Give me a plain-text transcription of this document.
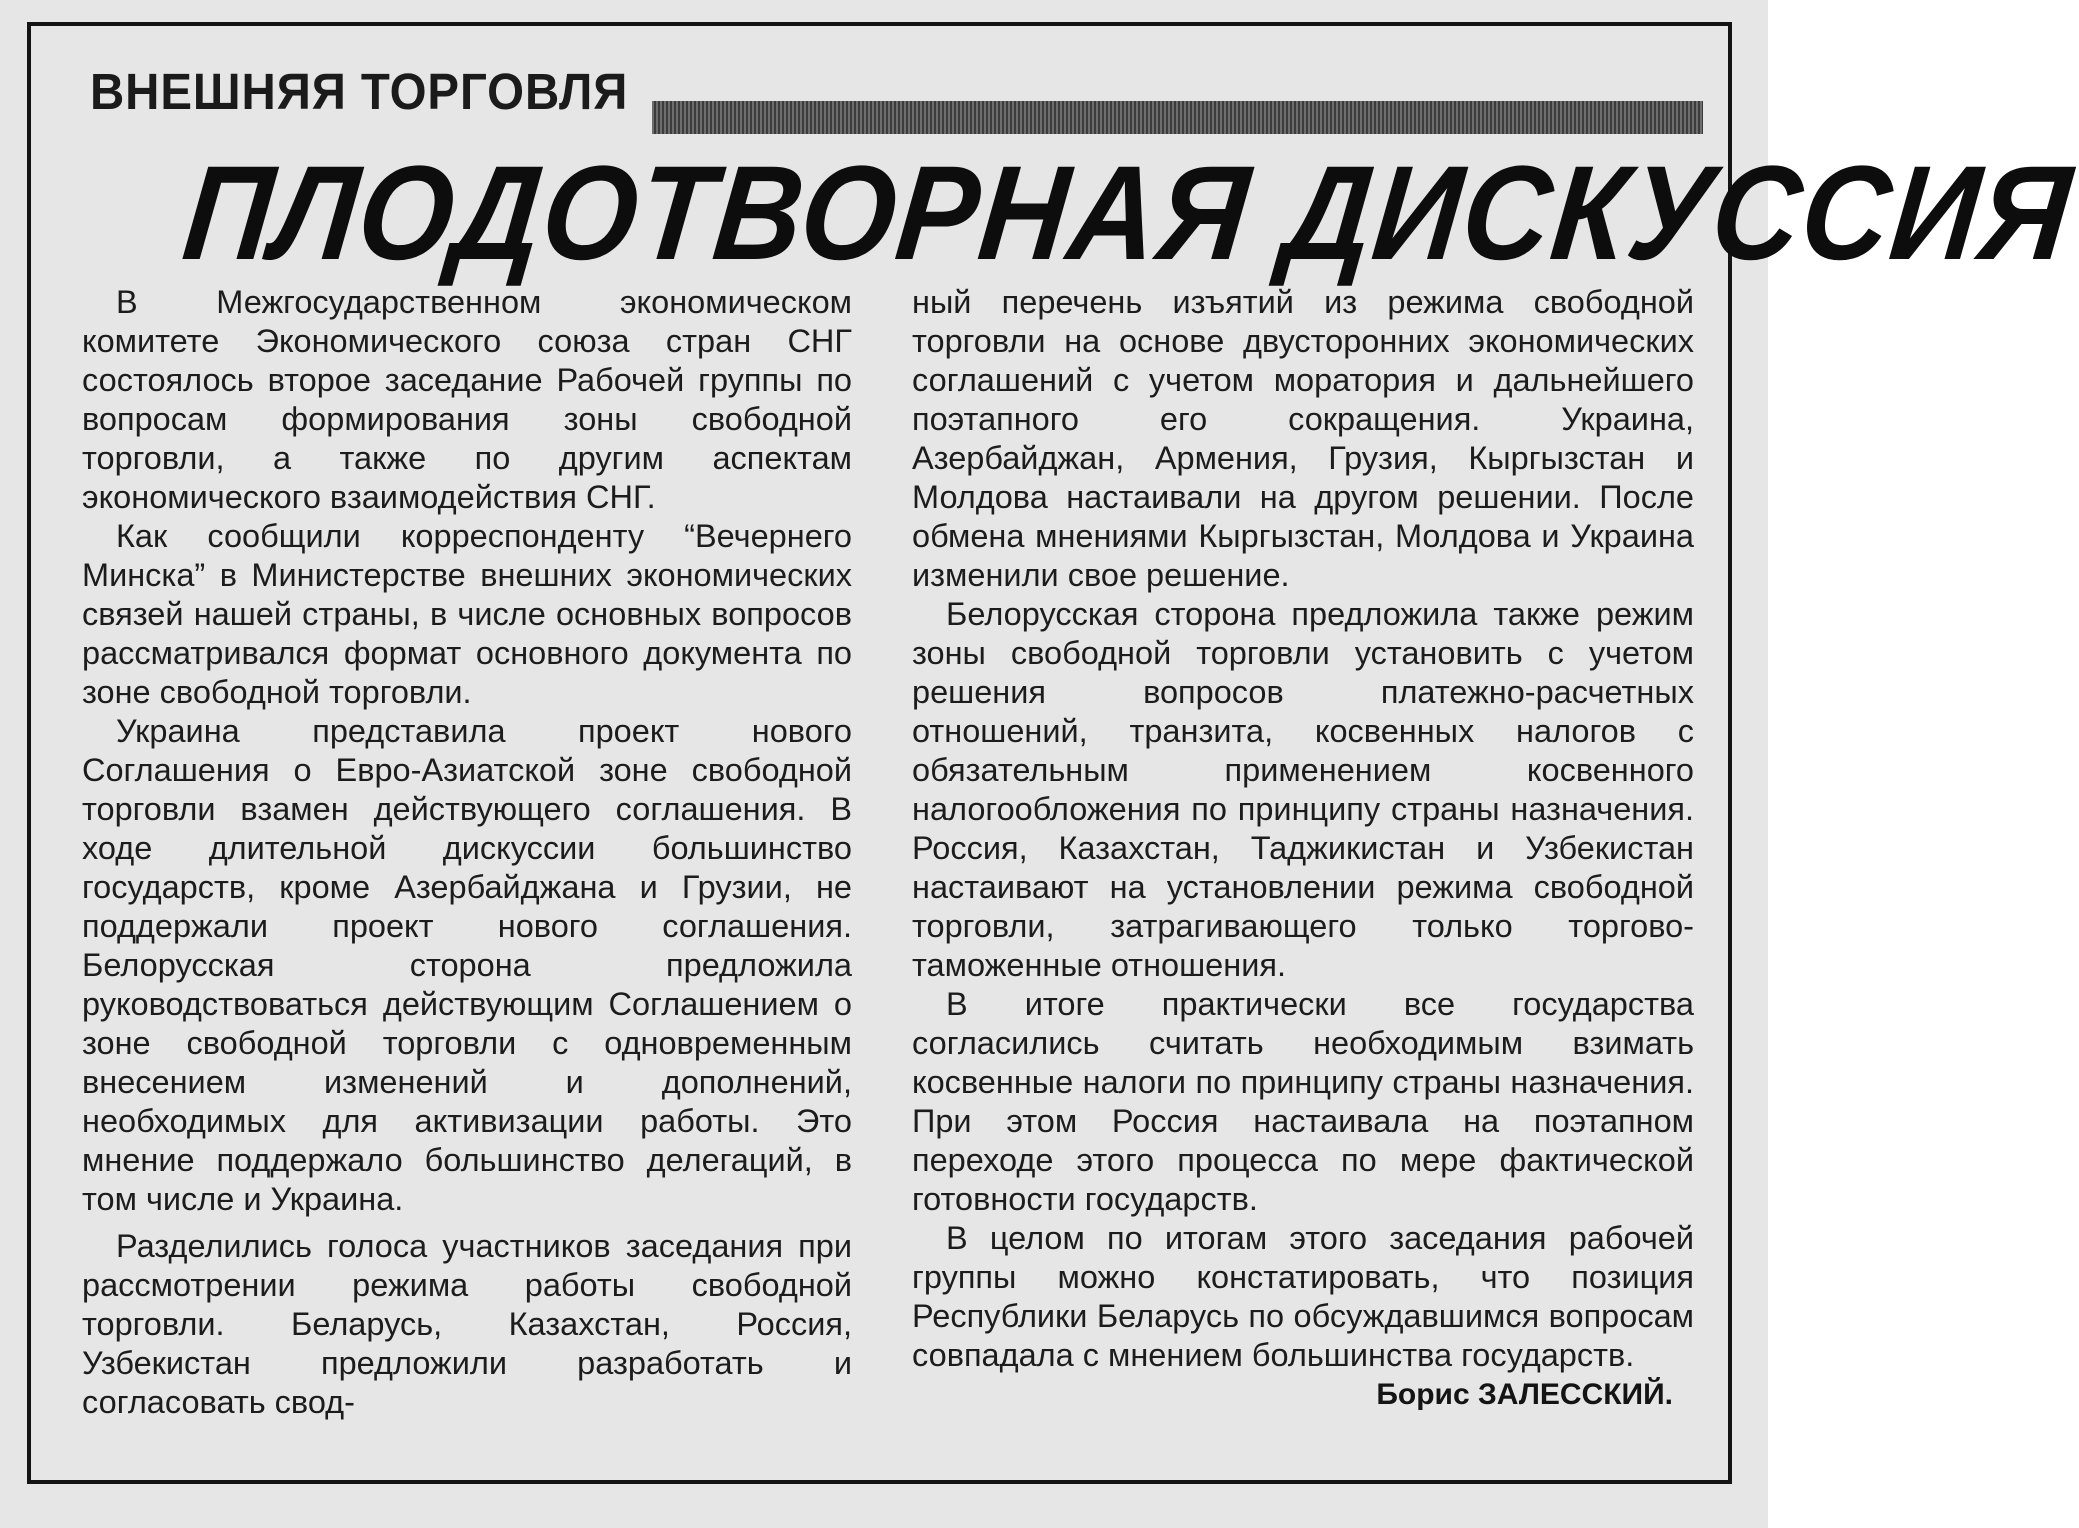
ВНЕШНЯЯ ТОРГОВЛЯ
ПЛОДОТВОРНАЯ ДИСКУССИЯ

В Межгосударственном экономическом комитете Экономического союза стран СНГ состоялось второе заседание Рабочей группы по вопросам формирования зоны свободной торговли, а также по другим аспектам экономического взаимодействия СНГ.

Как сообщили корреспонденту “Вечернего Минска” в Министерстве внешних экономических связей нашей страны, в числе основных вопросов рассматривался формат основного документа по зоне свободной торговли.

Украина представила проект нового Соглашения о Евро-Азиатской зоне свободной торговли взамен действующего соглашения. В ходе длительной дискуссии большинство государств, кроме Азербайджана и Грузии, не поддержали проект нового соглашения. Белорусская сторона предложила руководствоваться действующим Соглашением о зоне свободной торговли с одновременным внесением изменений и дополнений, необходимых для активизации работы. Это мнение поддержало большинство делегаций, в том числе и Украина.

Разделились голоса участников заседания при рассмотрении режима работы свободной торговли. Беларусь, Казахстан, Россия, Узбекистан предложили разработать и согласовать свод-

ный перечень изъятий из режима свободной торговли на основе двусторонних экономических соглашений с учетом моратория и дальнейшего поэтапного его сокращения. Украина, Азербайджан, Армения, Грузия, Кыргызстан и Молдова настаивали на другом решении. После обмена мнениями Кыргызстан, Молдова и Украина изменили свое решение.

Белорусская сторона предложила также режим зоны свободной торговли установить с учетом решения вопросов платежно-расчетных отношений, транзита, косвенных налогов с обязательным применением косвенного налогообложения по принципу страны назначения. Россия, Казахстан, Таджикистан и Узбекистан настаивают на установлении режима свободной торговли, затрагивающего только торгово-таможенные отношения.

В итоге практически все государства согласились считать необходимым взимать косвенные налоги по принципу страны назначения. При этом Россия настаивала на поэтапном переходе этого процесса по мере фактической готовности государств.

В целом по итогам этого заседания рабочей группы можно констатировать, что позиция Республики Беларусь по обсуждавшимся вопросам совпадала с мнением большинства государств.

Борис ЗАЛЕССКИЙ.
